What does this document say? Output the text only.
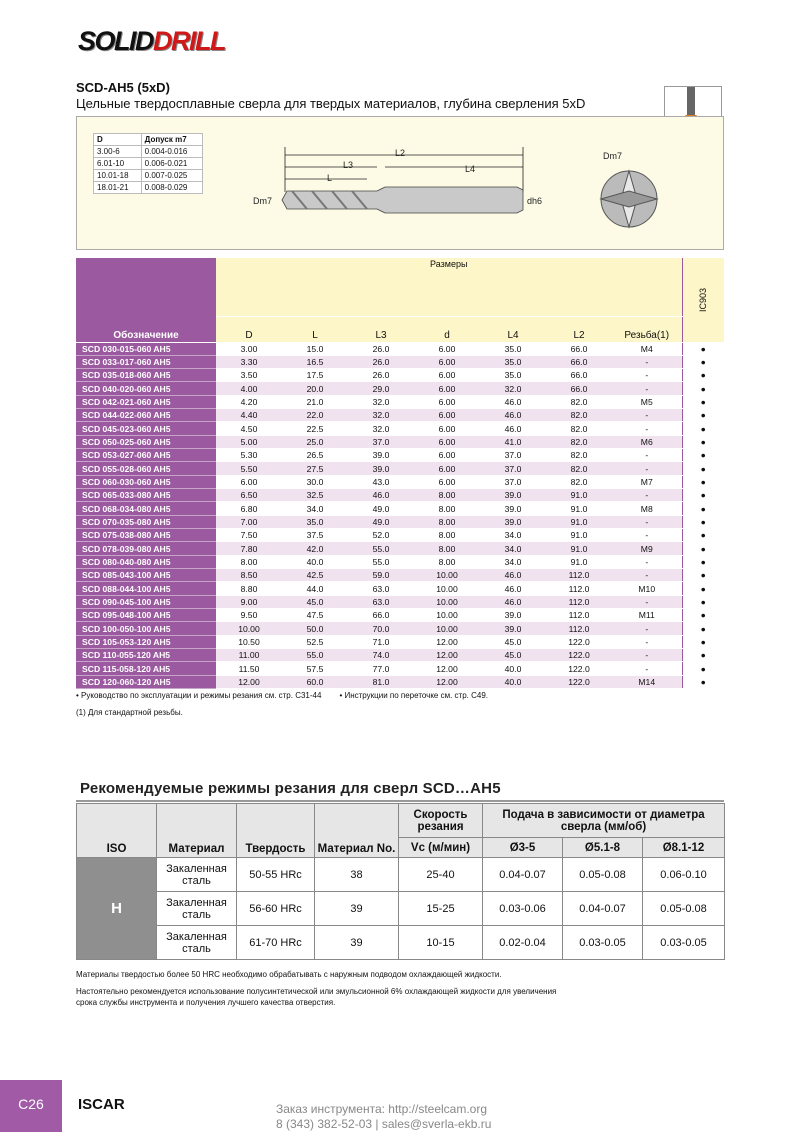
SOLIDDRILL
SCD-AH5 (5xD)
Цельные твердосплавные сверла для твердых материалов, глубина сверления 5xD
D	Допуск m7
3.00-6	0.004-0.016
6.01-10	0.006-0.021
10.01-18	0.007-0.025
18.01-21	0.008-0.029
L2
L3	L4
L
Dm7	dh6
Dm7
Обозначение	Размеры							IC903
	D	L	L3	d	L4	L2	Резьба(1)	
SCD 030-015-060 AH5	3.00	15.0	26.0	6.00	35.0	66.0	M4	●
SCD 033-017-060 AH5	3.30	16.5	26.0	6.00	35.0	66.0	-	●
SCD 035-018-060 AH5	3.50	17.5	26.0	6.00	35.0	66.0	-	●
SCD 040-020-060 AH5	4.00	20.0	29.0	6.00	32.0	66.0	-	●
SCD 042-021-060 AH5	4.20	21.0	32.0	6.00	46.0	82.0	M5	●
SCD 044-022-060 AH5	4.40	22.0	32.0	6.00	46.0	82.0	-	●
SCD 045-023-060 AH5	4.50	22.5	32.0	6.00	46.0	82.0	-	●
SCD 050-025-060 AH5	5.00	25.0	37.0	6.00	41.0	82.0	M6	●
SCD 053-027-060 AH5	5.30	26.5	39.0	6.00	37.0	82.0	-	●
SCD 055-028-060 AH5	5.50	27.5	39.0	6.00	37.0	82.0	-	●
SCD 060-030-060 AH5	6.00	30.0	43.0	6.00	37.0	82.0	M7	●
SCD 065-033-080 AH5	6.50	32.5	46.0	8.00	39.0	91.0	-	●
SCD 068-034-080 AH5	6.80	34.0	49.0	8.00	39.0	91.0	M8	●
SCD 070-035-080 AH5	7.00	35.0	49.0	8.00	39.0	91.0	-	●
SCD 075-038-080 AH5	7.50	37.5	52.0	8.00	34.0	91.0	-	●
SCD 078-039-080 AH5	7.80	42.0	55.0	8.00	34.0	91.0	M9	●
SCD 080-040-080 AH5	8.00	40.0	55.0	8.00	34.0	91.0	-	●
SCD 085-043-100 AH5	8.50	42.5	59.0	10.00	46.0	112.0	-	●
SCD 088-044-100 AH5	8.80	44.0	63.0	10.00	46.0	112.0	M10	●
SCD 090-045-100 AH5	9.00	45.0	63.0	10.00	46.0	112.0	-	●
SCD 095-048-100 AH5	9.50	47.5	66.0	10.00	39.0	112.0	M11	●
SCD 100-050-100 AH5	10.00	50.0	70.0	10.00	39.0	112.0	-	●
SCD 105-053-120 AH5	10.50	52.5	71.0	12.00	45.0	122.0	-	●
SCD 110-055-120 AH5	11.00	55.0	74.0	12.00	45.0	122.0	-	●
SCD 115-058-120 AH5	11.50	57.5	77.0	12.00	40.0	122.0	-	●
SCD 120-060-120 AH5	12.00	60.0	81.0	12.00	40.0	122.0	M14	●
• Руководство по эксплуатации и режимы резания см. стр. С31-44 • Инструкции по переточке см. стр. С49.
(1) Для стандартной резьбы.
Рекомендуемые режимы резания для сверл SCD…AH5
ISO	Материал	Твердость	Материал No.	Скорость резания	Подача в зависимости от диаметра сверла (мм/об)		
				Vc (м/мин)	Ø3-5	Ø5.1-8	Ø8.1-12
H	Закаленная сталь	50-55 HRc	38	25-40	0.04-0.07	0.05-0.08	0.06-0.10
	Закаленная сталь	56-60 HRc	39	15-25	0.03-0.06	0.04-0.07	0.05-0.08
	Закаленная сталь	61-70 HRc	39	10-15	0.02-0.04	0.03-0.05	0.03-0.05
Материалы твердостью более 50 HRC необходимо обрабатывать с наружным подводом охлаждающей жидкости.
Настоятельно рекомендуется использование полусинтетической или эмульсионной 6% охлаждающей жидкости для увеличения срока службы инструмента и получения лучшего качества отверстия.
C26	ISCAR	Заказ инструмента: http://steelcam.org
8 (343) 382-52-03 | sales@sverla-ekb.ru
